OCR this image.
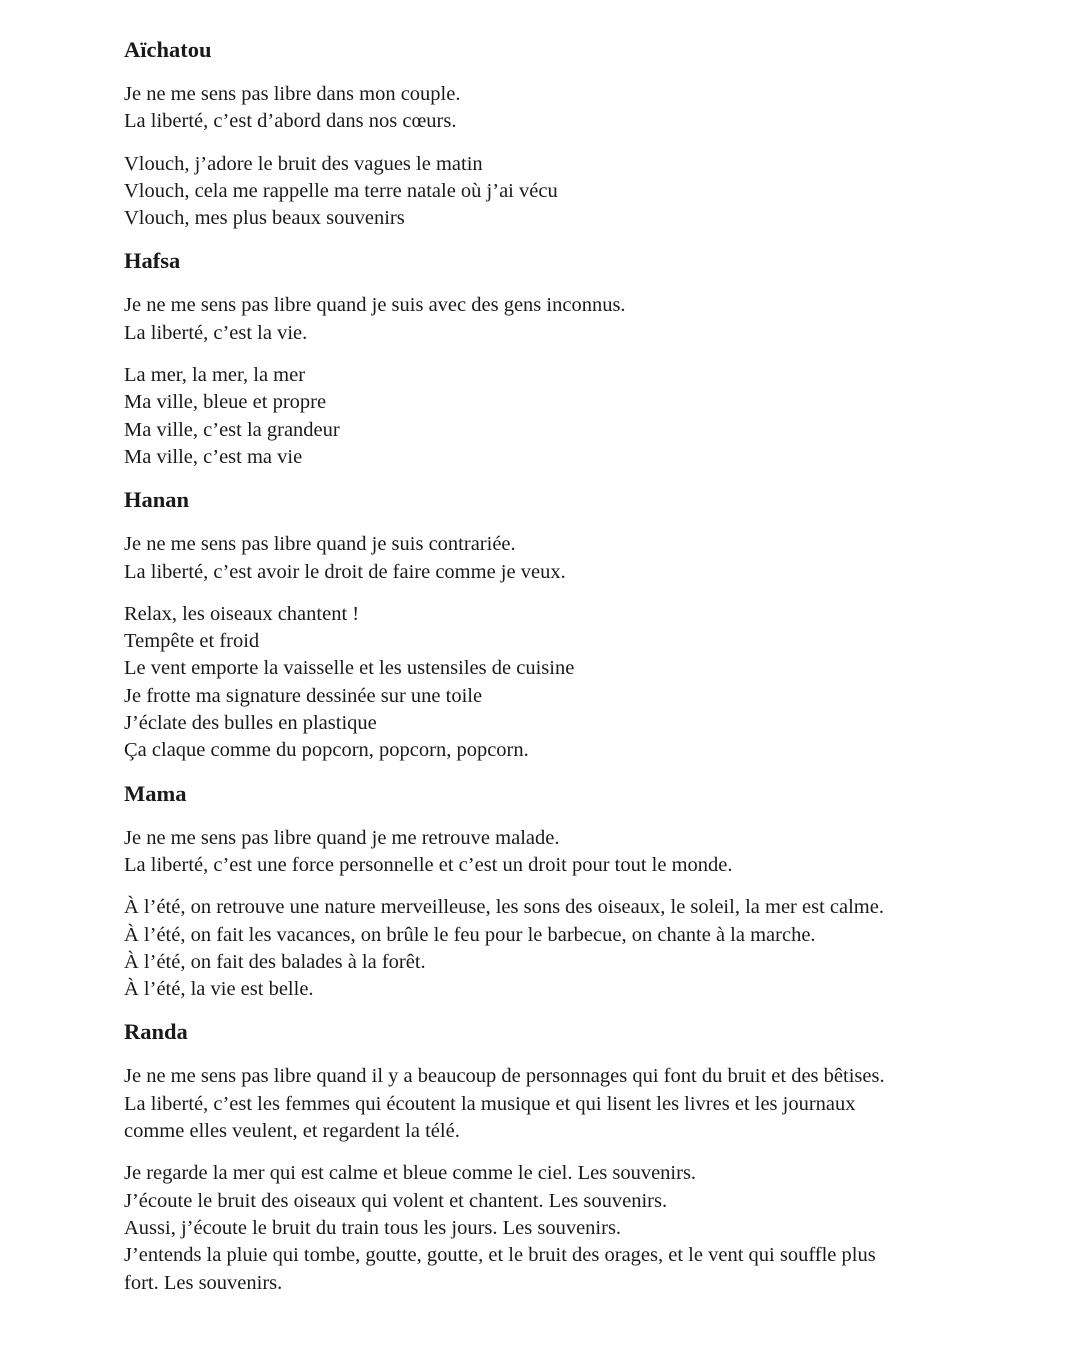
Aïchatou
Je ne me sens pas libre dans mon couple.
La liberté, c’est d’abord dans nos cœurs.
Vlouch, j’adore le bruit des vagues le matin
Vlouch, cela me rappelle ma terre natale où j’ai vécu
Vlouch, mes plus beaux souvenirs
Hafsa
Je ne me sens pas libre quand je suis avec des gens inconnus.
La liberté, c’est la vie.
La mer, la mer, la mer
Ma ville, bleue et propre
Ma ville, c’est la grandeur
Ma ville, c’est ma vie
Hanan
Je ne me sens pas libre quand je suis contrariée.
La liberté, c’est avoir le droit de faire comme je veux.
Relax, les oiseaux chantent !
Tempête et froid
Le vent emporte la vaisselle et les ustensiles de cuisine
Je frotte ma signature dessinée sur une toile
J’éclate des bulles en plastique
Ça claque comme du popcorn, popcorn, popcorn.
Mama
Je ne me sens pas libre quand je me retrouve malade.
La liberté, c’est une force personnelle et c’est un droit pour tout le monde.
À l’été, on retrouve une nature merveilleuse, les sons des oiseaux, le soleil, la mer est calme.
À l’été, on fait les vacances, on brûle le feu pour le barbecue, on chante à la marche.
À l’été, on fait des balades à la forêt.
À l’été, la vie est belle.
Randa
Je ne me sens pas libre quand il y a beaucoup de personnages qui font du bruit et des bêtises.
La liberté, c’est les femmes qui écoutent la musique et qui lisent les livres et les journaux
comme elles veulent, et regardent la télé.
Je regarde la mer qui est calme et bleue comme le ciel. Les souvenirs.
J’écoute le bruit des oiseaux qui volent et chantent. Les souvenirs.
Aussi, j’écoute le bruit du train tous les jours. Les souvenirs.
J’entends la pluie qui tombe, goutte, goutte, et le bruit des orages, et le vent qui souffle plus
fort. Les souvenirs.
